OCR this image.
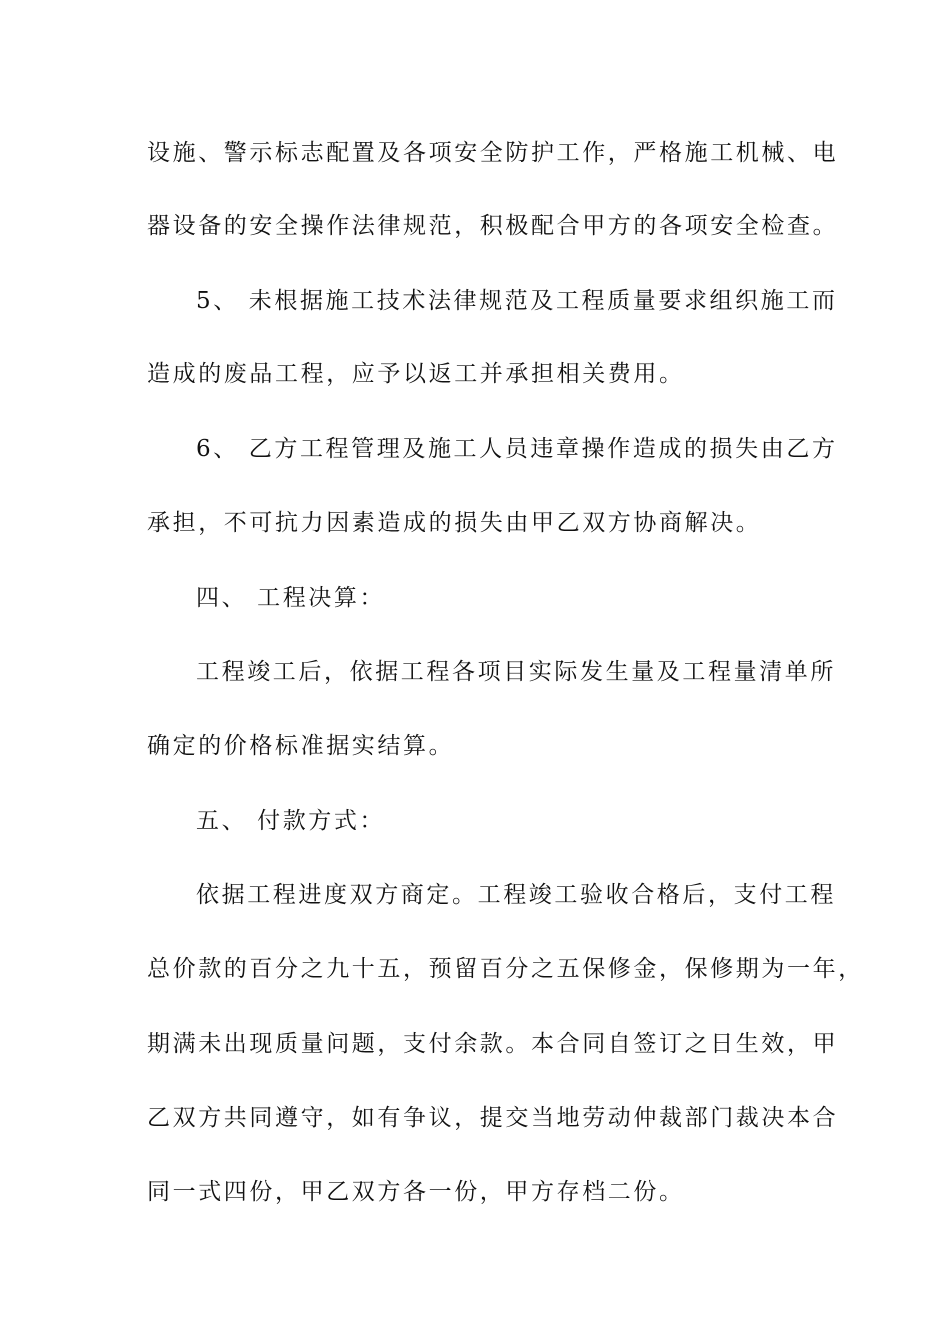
设施、警示标志配置及各项安全防护工作，严格施工机械、电
器设备的安全操作法律规范，积极配合甲方的各项安全检查。
5、 未根据施工技术法律规范及工程质量要求组织施工而
造成的废品工程，应予以返工并承担相关费用。
6、 乙方工程管理及施工人员违章操作造成的损失由乙方
承担，不可抗力因素造成的损失由甲乙双方协商解决。
四、 工程决算：
工程竣工后，依据工程各项目实际发生量及工程量清单所
确定的价格标准据实结算。
五、 付款方式：
依据工程进度双方商定。工程竣工验收合格后，支付工程
总价款的百分之九十五，预留百分之五保修金，保修期为一年，
期满未出现质量问题，支付余款。本合同自签订之日生效，甲
乙双方共同遵守，如有争议，提交当地劳动仲裁部门裁决本合
同一式四份，甲乙双方各一份，甲方存档二份。
